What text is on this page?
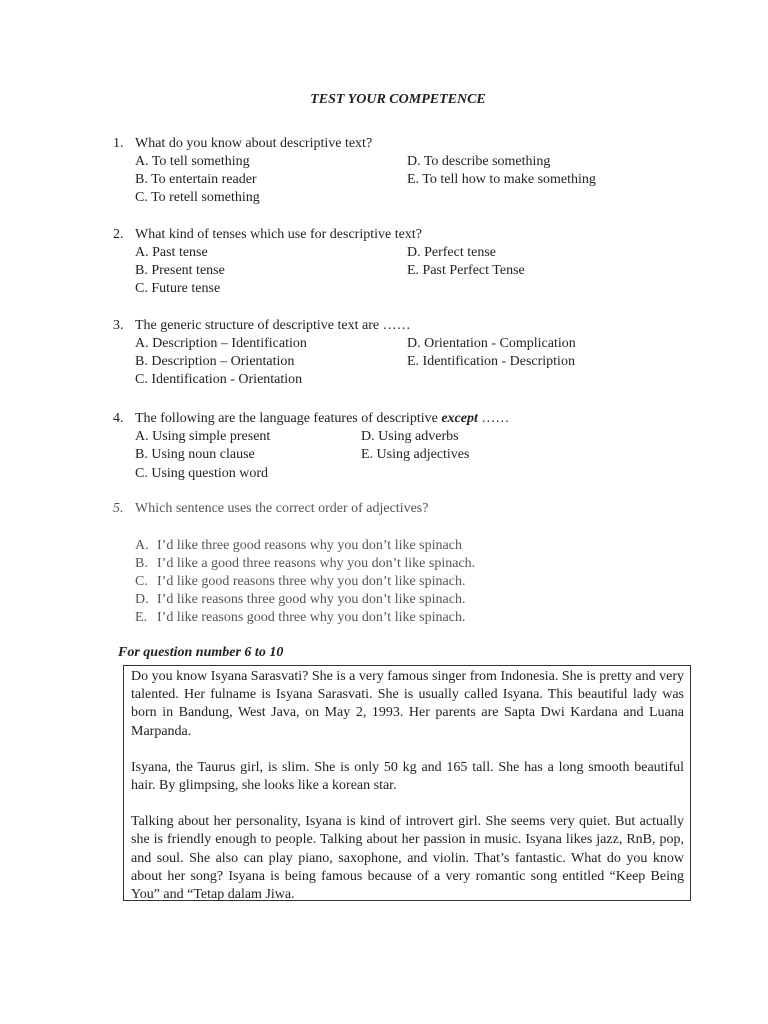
TEST YOUR COMPETENCE
1. What do you know about descriptive text?
A. To tell something
B. To entertain reader
C. To retell something
D. To describe something
E. To tell how to make something
2. What kind of tenses which use for descriptive text?
A. Past tense
B. Present tense
C. Future tense
D. Perfect tense
E. Past Perfect Tense
3. The generic structure of descriptive text are ……
A. Description – Identification
B. Description – Orientation
C. Identification - Orientation
D. Orientation - Complication
E. Identification - Description
4. The following are the language features of descriptive except ……
A. Using simple present
B. Using noun clause
C. Using question word
D. Using adverbs
E. Using adjectives
5. Which sentence uses the correct order of adjectives?
A. I’d like three good reasons why you don’t like spinach
B. I’d like a good three reasons why you don’t like spinach.
C. I’d like good reasons three why you don’t like spinach.
D. I’d like reasons three good why you don’t like spinach.
E. I’d like reasons good three why you don’t like spinach.
For question number 6 to 10

Do you know Isyana Sarasvati? She is a very famous singer from Indonesia. She is pretty and very talented. Her fulname is Isyana Sarasvati. She is usually called Isyana. This beautiful lady was born in Bandung, West Java, on May 2, 1993. Her parents are Sapta Dwi Kardana and Luana Marpanda.

Isyana, the Taurus girl, is slim. She is only 50 kg and 165 tall. She has a long smooth beautiful hair. By glimpsing, she looks like a korean star.

Talking about her personality, Isyana is kind of introvert girl. She seems very quiet. But actually she is friendly enough to people. Talking about her passion in music. Isyana likes jazz, RnB, pop, and soul. She also can play piano, saxophone, and violin. That’s fantastic. What do you know about her song? Isyana is being famous because of a very romantic song entitled “Keep Being You” and “Tetap dalam Jiwa.
